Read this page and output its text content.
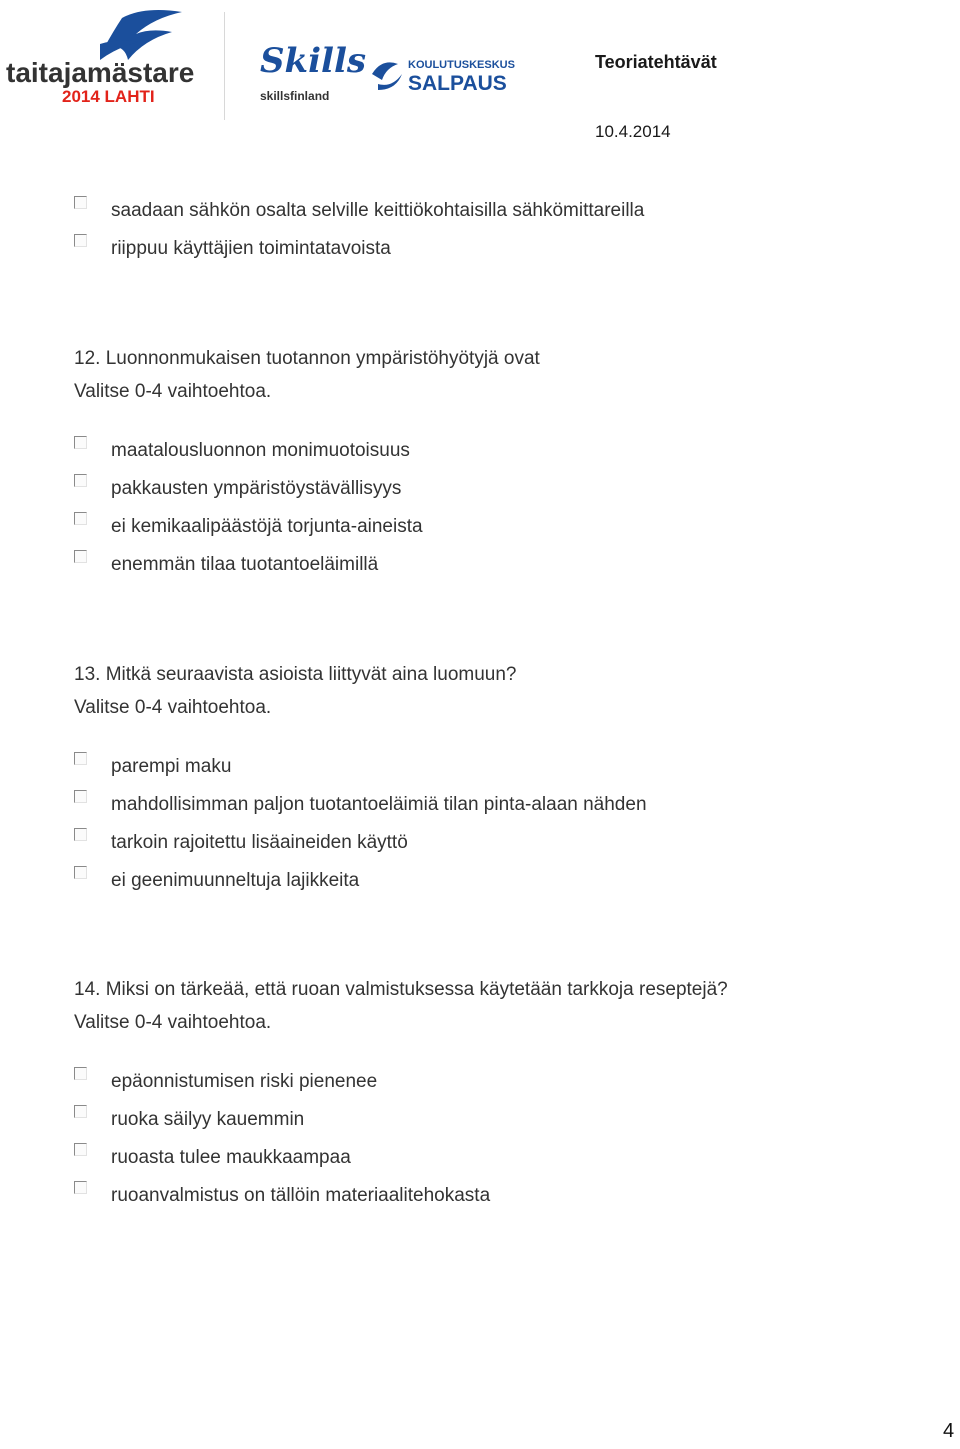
taitajamästare
2014 LAHTI
Skills
skillsfinland
KOULUTUSKESKUS
SALPAUS
Teoriatehtävät
10.4.2014
saadaan sähkön osalta selville keittiökohtaisilla sähkömittareilla
riippuu käyttäjien toimintatavoista
12. Luonnonmukaisen tuotannon ympäristöhyötyjä ovat
Valitse 0-4 vaihtoehtoa.
maatalousluonnon monimuotoisuus
pakkausten ympäristöystävällisyys
ei kemikaalipäästöjä torjunta-aineista
enemmän tilaa tuotantoeläimillä
13. Mitkä seuraavista asioista liittyvät aina luomuun?
Valitse 0-4 vaihtoehtoa.
parempi maku
mahdollisimman paljon tuotantoeläimiä tilan pinta-alaan nähden
tarkoin rajoitettu lisäaineiden käyttö
ei geenimuunneltuja lajikkeita
14. Miksi on tärkeää, että ruoan valmistuksessa käytetään tarkkoja reseptejä?
Valitse 0-4 vaihtoehtoa.
epäonnistumisen riski pienenee
ruoka säilyy kauemmin
ruoasta tulee maukkaampaa
ruoanvalmistus on tällöin materiaalitehokasta
4
